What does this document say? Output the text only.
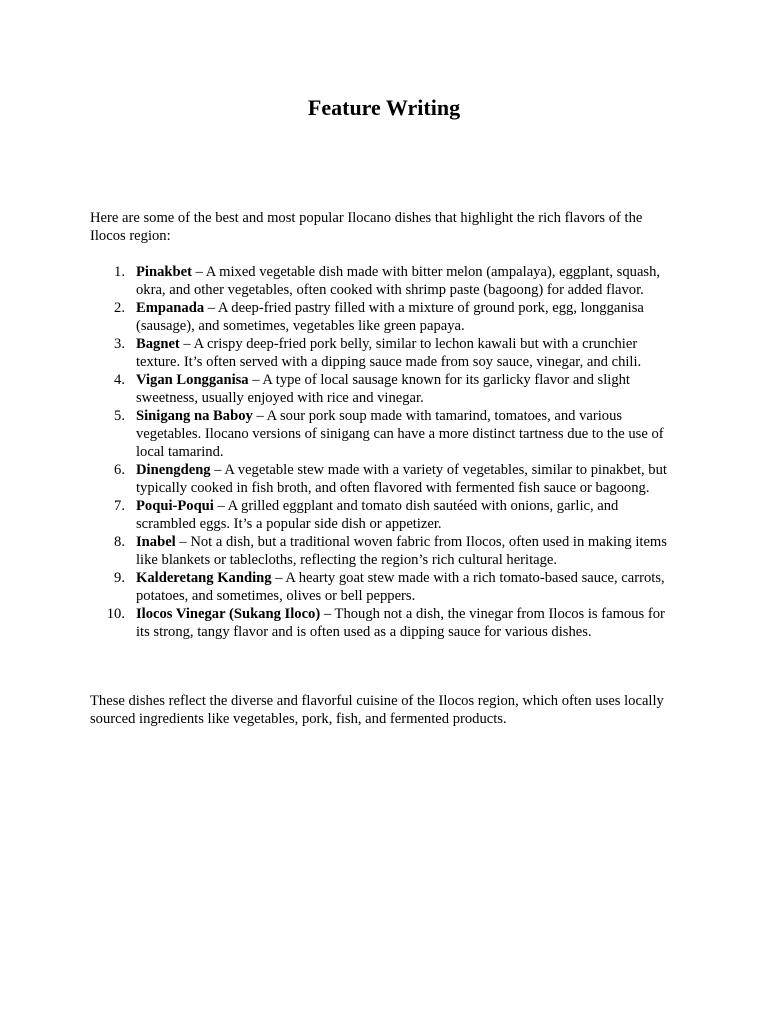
Feature Writing

Here are some of the best and most popular Ilocano dishes that highlight the rich flavors of the Ilocos region:

1. Pinakbet – A mixed vegetable dish made with bitter melon (ampalaya), eggplant, squash, okra, and other vegetables, often cooked with shrimp paste (bagoong) for added flavor.
2. Empanada – A deep-fried pastry filled with a mixture of ground pork, egg, longganisa (sausage), and sometimes, vegetables like green papaya.
3. Bagnet – A crispy deep-fried pork belly, similar to lechon kawali but with a crunchier texture. It’s often served with a dipping sauce made from soy sauce, vinegar, and chili.
4. Vigan Longganisa – A type of local sausage known for its garlicky flavor and slight sweetness, usually enjoyed with rice and vinegar.
5. Sinigang na Baboy – A sour pork soup made with tamarind, tomatoes, and various vegetables. Ilocano versions of sinigang can have a more distinct tartness due to the use of local tamarind.
6. Dinengdeng – A vegetable stew made with a variety of vegetables, similar to pinakbet, but typically cooked in fish broth, and often flavored with fermented fish sauce or bagoong.
7. Poqui-Poqui – A grilled eggplant and tomato dish sautéed with onions, garlic, and scrambled eggs. It’s a popular side dish or appetizer.
8. Inabel – Not a dish, but a traditional woven fabric from Ilocos, often used in making items like blankets or tablecloths, reflecting the region’s rich cultural heritage.
9. Kalderetang Kanding – A hearty goat stew made with a rich tomato-based sauce, carrots, potatoes, and sometimes, olives or bell peppers.
10. Ilocos Vinegar (Sukang Iloco) – Though not a dish, the vinegar from Ilocos is famous for its strong, tangy flavor and is often used as a dipping sauce for various dishes.

These dishes reflect the diverse and flavorful cuisine of the Ilocos region, which often uses locally sourced ingredients like vegetables, pork, fish, and fermented products.
